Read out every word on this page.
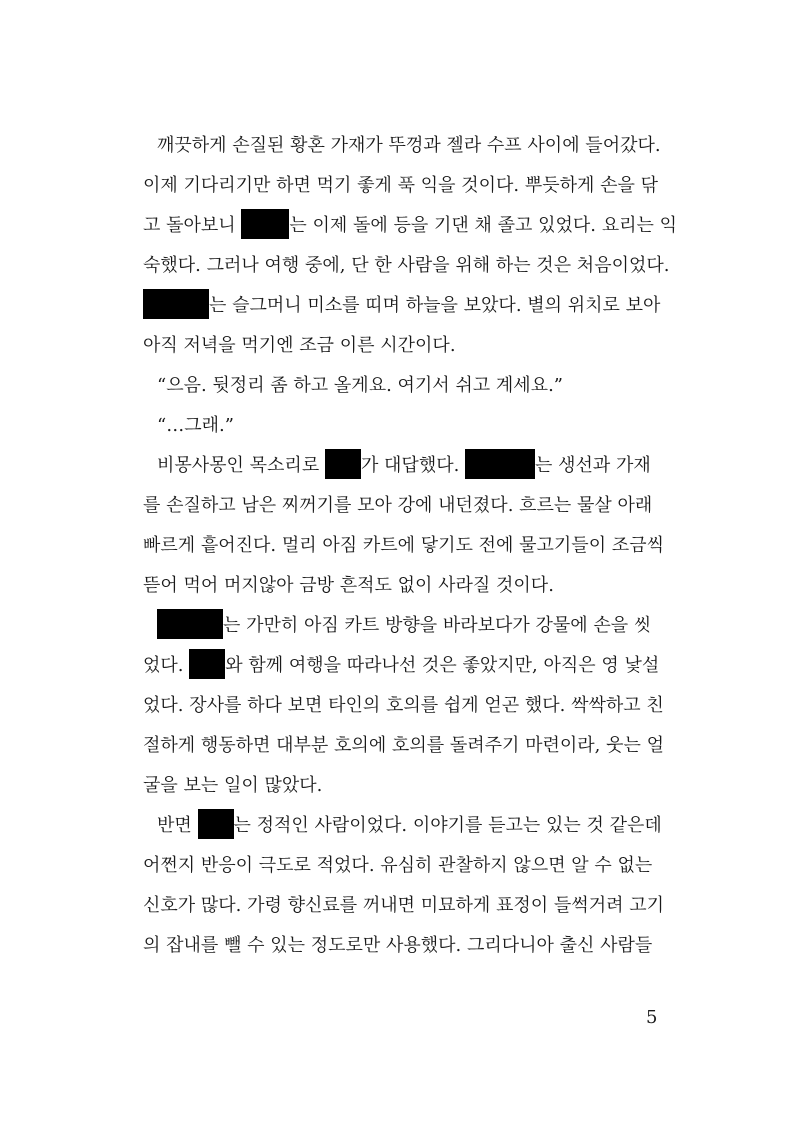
깨끗하게 손질된 황혼 가재가 뚜껑과 젤라 수프 사이에 들어갔다.
이제 기다리기만 하면 먹기 좋게 푹 익을 것이다. 뿌듯하게 손을 닦
고 돌아보니	는 이제 돌에 등을 기댄 채 졸고 있었다. 요리는 익
숙했다. 그러나 여행 중에, 단 한 사람을 위해 하는 것은 처음이었다.
는 슬그머니 미소를 띠며 하늘을 보았다. 별의 위치로 보아
아직 저녁을 먹기엔 조금 이른 시간이다.
“으음. 뒷정리 좀 하고 올게요. 여기서 쉬고 계세요.”
“…그래.”
비몽사몽인 목소리로 가 대답했다.	는 생선과 가재
를 손질하고 남은 찌꺼기를 모아 강에 내던졌다. 흐르는 물살 아래
빠르게 흩어진다. 멀리 아짐 카트에 닿기도 전에 물고기들이 조금씩
뜯어 먹어 머지않아 금방 흔적도 없이 사라질 것이다.
는 가만히 아짐 카트 방향을 바라보다가 강물에 손을 씻
었다. 와 함께 여행을 따라나선 것은 좋았지만, 아직은 영 낯설
었다. 장사를 하다 보면 타인의 호의를 쉽게 얻곤 했다. 싹싹하고 친
절하게 행동하면 대부분 호의에 호의를 돌려주기 마련이라, 웃는 얼
굴을 보는 일이 많았다.
반면 는 정적인 사람이었다. 이야기를 듣고는 있는 것 같은데
어쩐지 반응이 극도로 적었다. 유심히 관찰하지 않으면 알 수 없는
신호가 많다. 가령 향신료를 꺼내면 미묘하게 표정이 들썩거려 고기
의 잡내를 뺄 수 있는 정도로만 사용했다. 그리다니아 출신 사람들
5
